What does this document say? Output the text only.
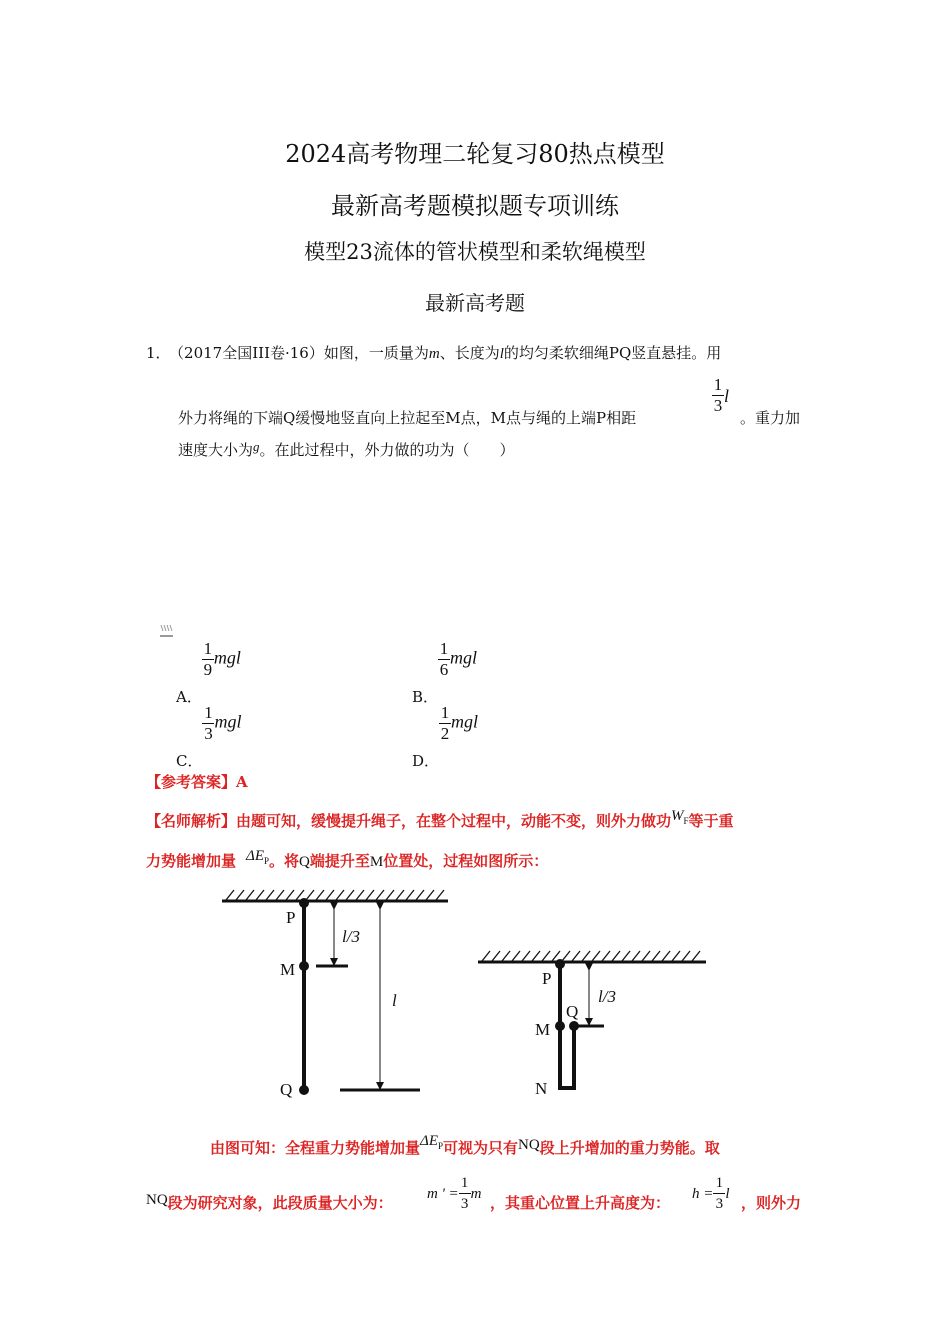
2024高考物理二轮复习80热点模型
最新高考题模拟题专项训练
模型23流体的管状模型和柔软绳模型
最新高考题
1． （2017全国III卷·16）如图，一质量为m、长度为l的均匀柔软细绳PQ竖直悬挂。用
外力将绳的下端Q缓慢地竖直向上拉起至M点，M点与绳的上端P相距
$\frac{1}{3}$ l
。重力加
速度大小为g。在此过程中，外力做的功为（　　）
A．
$\frac{1}{9}$ mgl
B．
$\frac{1}{6}$ mgl
C．
$\frac{1}{3}$ mgl
D．
$\frac{1}{2}$ mgl
【参考答案】A
【名师解析】由题可知，缓慢提升绳子，在整个过程中，动能不变，则外力做功$W_F$等于重
力势能增加量 $\Delta E_P$。将Q端提升至M位置处，过程如图所示：
P
M
Q
l/3
l
P
Q
M
N
l/3
由图可知：全程重力势能增加量$\Delta E_P$可视为只有NQ段上升增加的重力势能。取
NQ段为研究对象，此段质量大小为： m ' = $\frac{1}{3}$ m ，其重心位置上升高度为： $h = \frac{1}{3}$ l ，则外力
